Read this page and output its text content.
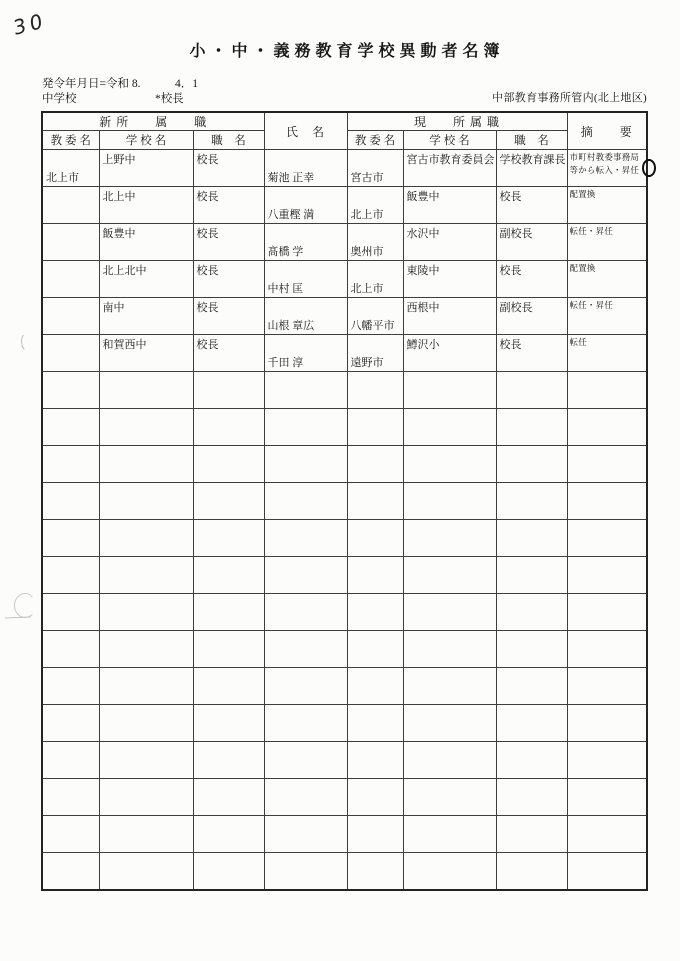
30
小・中・義務教育学校異動者名簿
発令年月日=令和 8.　　　4．1
中学校	*校長	中部教育事務所管内(北上地区)
新 所　　属　　職			氏　名	現　　所 属 職			摘　　要
教 委 名	学 校 名	職　名		教 委 名	学 校 名	職　名	

北上市	上野中	校長	菊池 正幸	宮古市	宮古市教育委員会	学校教育課長	市町村教委事務局等から転入・昇任

	北上中	校長	八重樫 満	北上市	飯豊中	校長	配置換

	飯豊中	校長	髙橋 学	奥州市	水沢中	副校長	転任・昇任

	北上北中	校長	中村 匡	北上市	東陵中	校長	配置換

	南中	校長	山根 章広	八幡平市	西根中	副校長	転任・昇任

	和賀西中	校長	千田 淳	遠野市	鱒沢小	校長	転任
